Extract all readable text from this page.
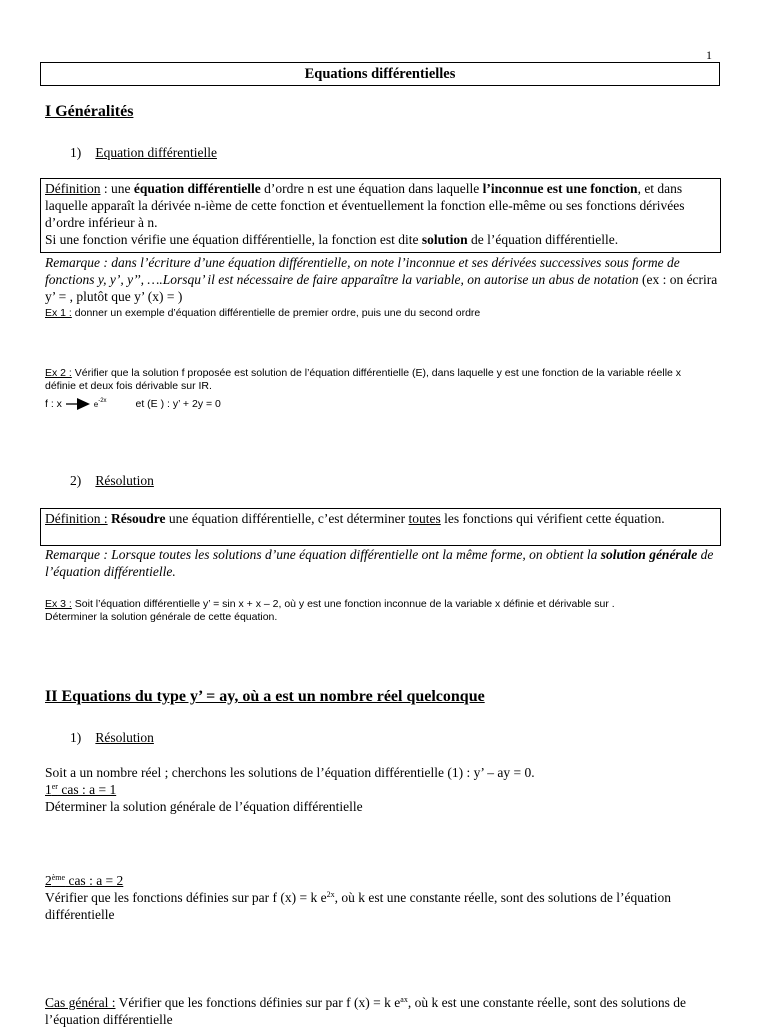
1
Equations différentielles
I Généralités
1) Equation différentielle
Définition : une équation différentielle d’ordre n est une équation dans laquelle l’inconnue est une fonction, et dans laquelle apparaît la dérivée n-ième de cette fonction et éventuellement la fonction elle-même ou ses fonctions dérivées d’ordre inférieur à n.
Si une fonction vérifie une équation différentielle, la fonction est dite solution de l’équation différentielle.
Remarque : dans l’écriture d’une équation différentielle, on note l’inconnue et ses dérivées successives sous forme de fonctions y, y’, y’’, ….Lorsqu’ il est nécessaire de faire apparaître la variable, on autorise un abus de notation (ex : on écrira y’ = , plutôt que y’ (x) = )
Ex 1 : donner un exemple d’équation différentielle de premier ordre, puis une du second ordre
Ex 2 : Vérifier que la solution f proposée est solution de l’équation différentielle (E), dans laquelle y est une fonction de la variable réelle x définie et deux fois dérivable sur IR.
f : x	$e^{-2x}$	et (E ) : y’ + 2y = 0
2) Résolution
Définition : Résoudre une équation différentielle, c’est déterminer toutes les fonctions qui vérifient cette équation.
Remarque : Lorsque toutes les solutions d’une équation différentielle ont la même forme, on obtient la solution générale de l’équation différentielle.
Ex 3 : Soit l’équation différentielle y’ = sin x + x – 2, où y est une fonction inconnue de la variable x définie et dérivable sur .
Déterminer la solution générale de cette équation.
II Equations du type y’ = ay, où a est un nombre réel quelconque
1) Résolution
Soit a un nombre réel ; cherchons les solutions de l’équation différentielle (1) : y’ – ay = 0.
1er cas : a = 1
Déterminer la solution générale de l’équation différentielle
2ème cas : a = 2
Vérifier que les fonctions définies sur par f (x) = k $e^{2x}$, où k est une constante réelle, sont des solutions de l’équation différentielle
Cas général : Vérifier que les fonctions définies sur par f (x) = k $e^{ax}$, où k est une constante réelle, sont des solutions de l’équation différentielle
